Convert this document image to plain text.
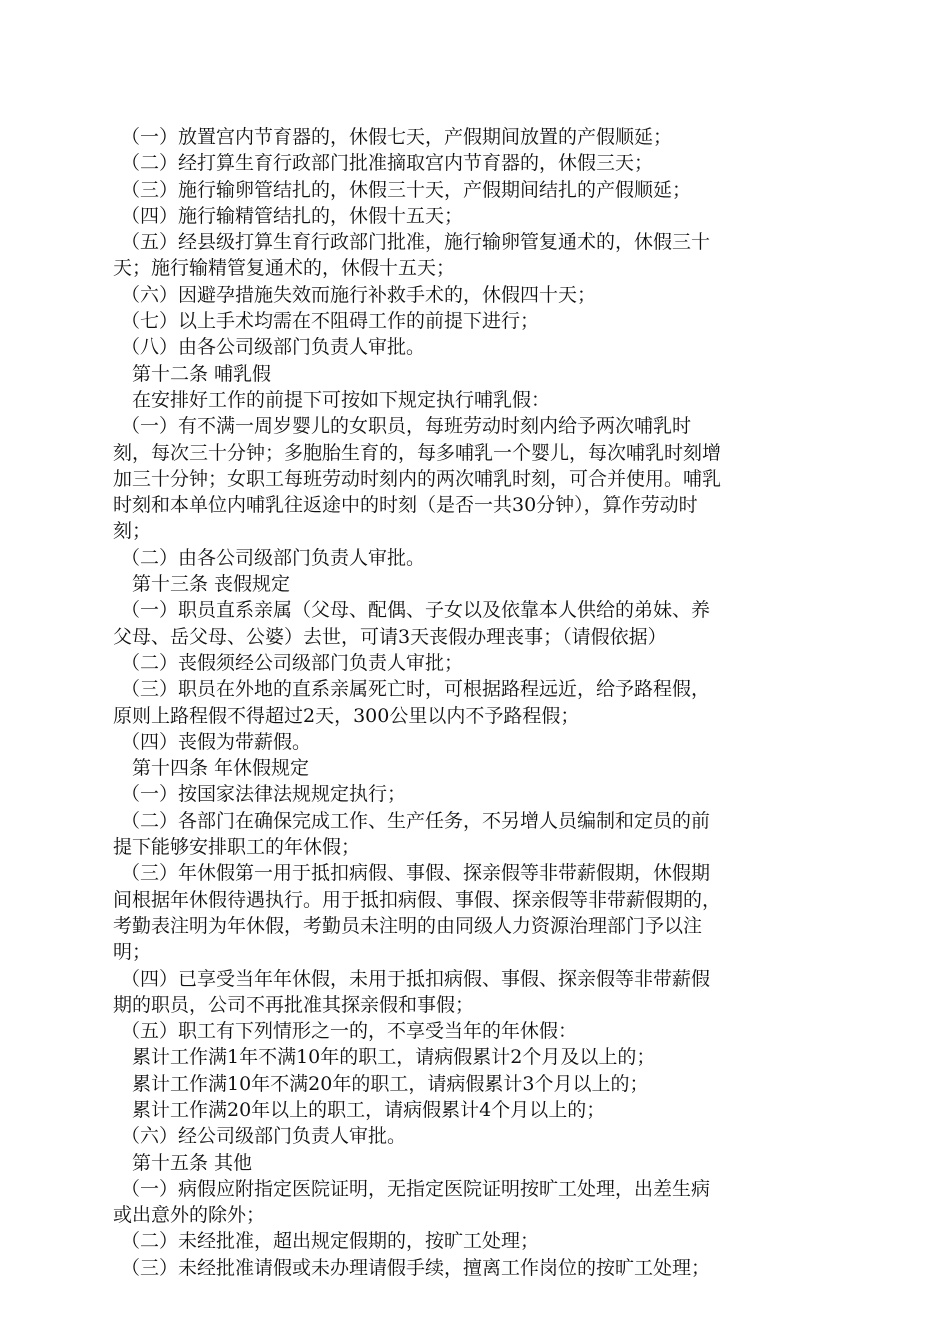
（一）放置宫内节育器的，休假七天，产假期间放置的产假顺延；
（二）经打算生育行政部门批准摘取宫内节育器的，休假三天；
（三）施行输卵管结扎的，休假三十天，产假期间结扎的产假顺延；
（四）施行输精管结扎的，休假十五天；
（五）经县级打算生育行政部门批准，施行输卵管复通术的，休假三十
天；施行输精管复通术的，休假十五天；
（六）因避孕措施失效而施行补救手术的，休假四十天；
（七）以上手术均需在不阻碍工作的前提下进行；
（八）由各公司级部门负责人审批。
第十二条 哺乳假
在安排好工作的前提下可按如下规定执行哺乳假：
（一）有不满一周岁婴儿的女职员，每班劳动时刻内给予两次哺乳时
刻，每次三十分钟；多胞胎生育的，每多哺乳一个婴儿，每次哺乳时刻增
加三十分钟；女职工每班劳动时刻内的两次哺乳时刻，可合并使用。哺乳
时刻和本单位内哺乳往返途中的时刻（是否一共30分钟），算作劳动时
刻；
（二）由各公司级部门负责人审批。
第十三条 丧假规定
（一）职员直系亲属（父母、配偶、子女以及依靠本人供给的弟妹、养
父母、岳父母、公婆）去世，可请3天丧假办理丧事；（请假依据）
（二）丧假须经公司级部门负责人审批；
（三）职员在外地的直系亲属死亡时，可根据路程远近，给予路程假，
原则上路程假不得超过2天，300公里以内不予路程假；
（四）丧假为带薪假。
第十四条 年休假规定
（一）按国家法律法规规定执行；
（二）各部门在确保完成工作、生产任务，不另增人员编制和定员的前
提下能够安排职工的年休假；
（三）年休假第一用于抵扣病假、事假、探亲假等非带薪假期，休假期
间根据年休假待遇执行。用于抵扣病假、事假、探亲假等非带薪假期的，
考勤表注明为年休假，考勤员未注明的由同级人力资源治理部门予以注
明；
（四）已享受当年年休假，未用于抵扣病假、事假、探亲假等非带薪假
期的职员，公司不再批准其探亲假和事假；
（五）职工有下列情形之一的，不享受当年的年休假：
累计工作满1年不满10年的职工，请病假累计2个月及以上的；
累计工作满10年不满20年的职工，请病假累计3个月以上的；
累计工作满20年以上的职工，请病假累计4个月以上的；
（六）经公司级部门负责人审批。
第十五条 其他
（一）病假应附指定医院证明，无指定医院证明按旷工处理，出差生病
或出意外的除外；
（二）未经批准，超出规定假期的，按旷工处理；
（三）未经批准请假或未办理请假手续，擅离工作岗位的按旷工处理；
